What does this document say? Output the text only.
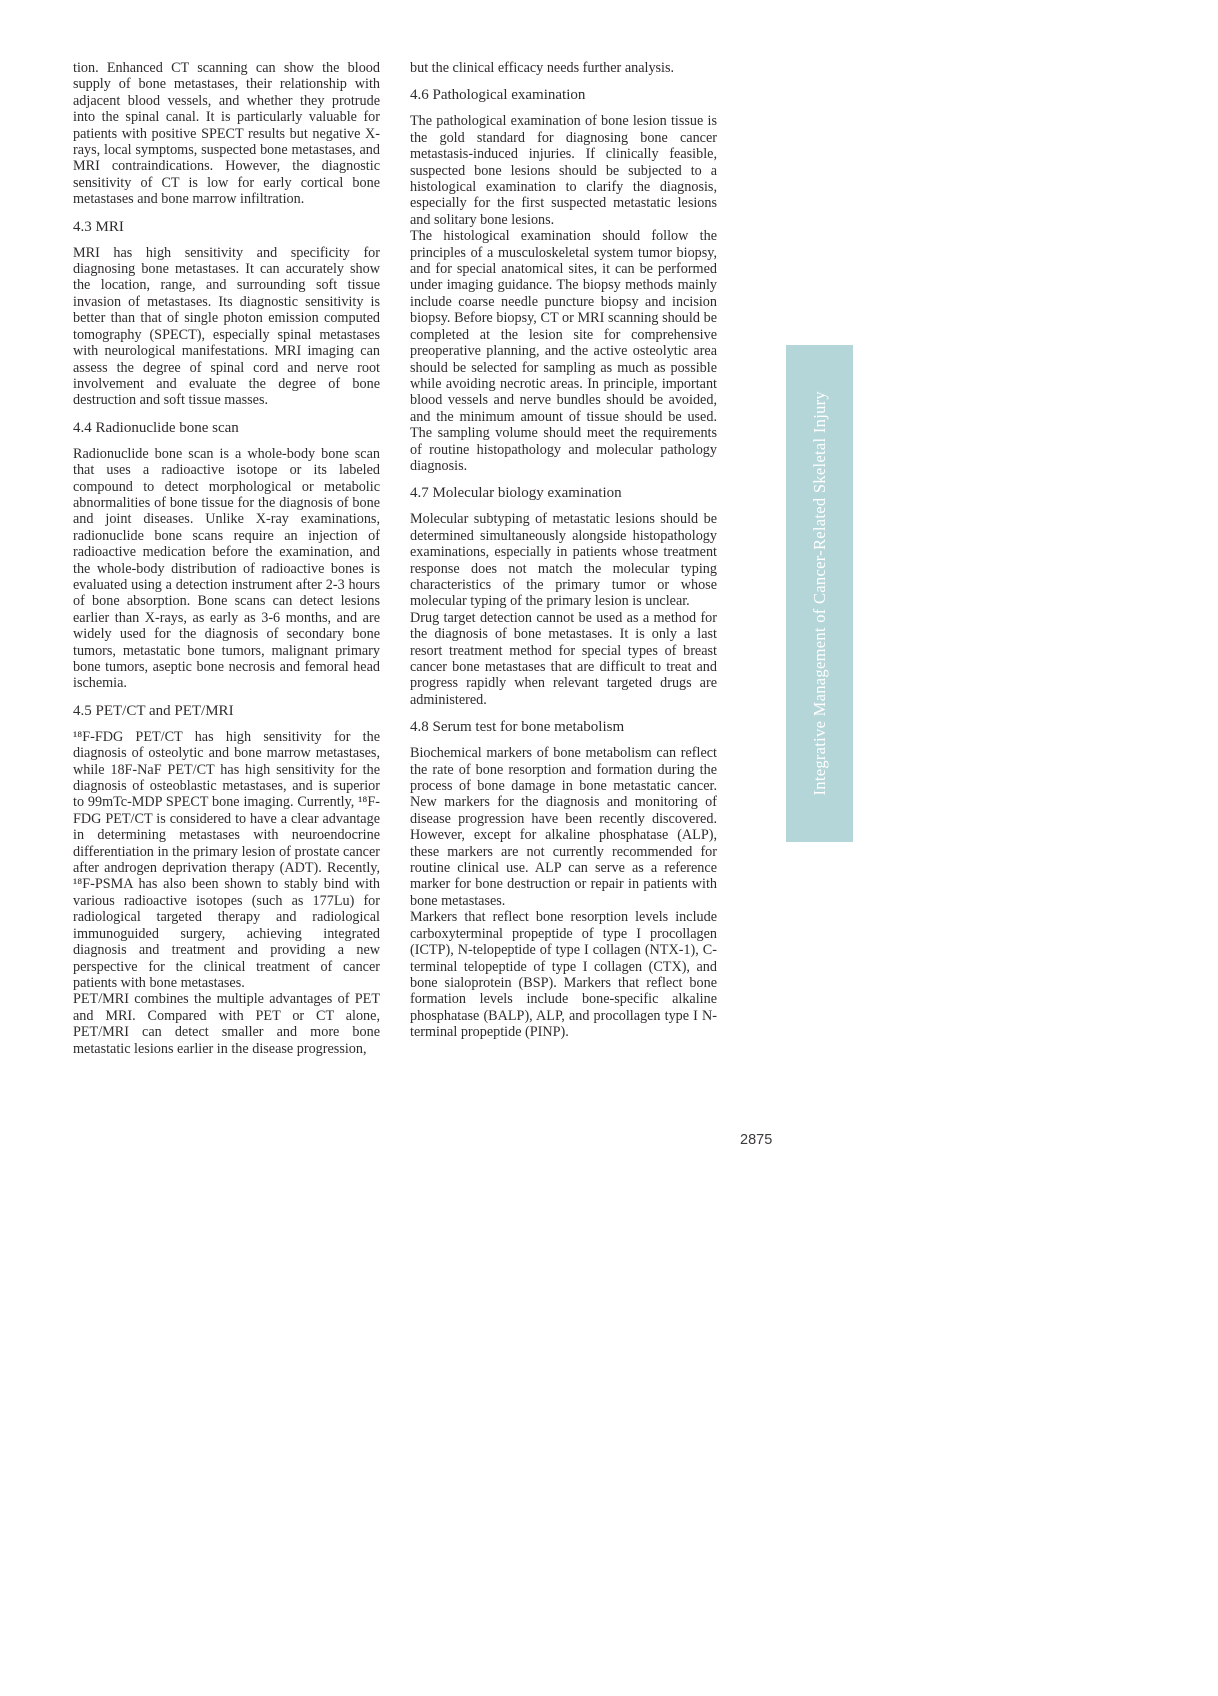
tion. Enhanced CT scanning can show the blood supply of bone metastases, their relationship with adjacent blood vessels, and whether they protrude into the spinal canal. It is particularly valuable for patients with positive SPECT results but negative X-rays, local symptoms, suspected bone metastases, and MRI contraindications. However, the diagnostic sensitivity of CT is low for early cortical bone metastases and bone marrow infiltration.

4.3 MRI

MRI has high sensitivity and specificity for diagnosing bone metastases. It can accurately show the location, range, and surrounding soft tissue invasion of metastases. Its diagnostic sensitivity is better than that of single photon emission computed tomography (SPECT), especially spinal metastases with neurological manifestations. MRI imaging can assess the degree of spinal cord and nerve root involvement and evaluate the degree of bone destruction and soft tissue masses.

4.4 Radionuclide bone scan

Radionuclide bone scan is a whole-body bone scan that uses a radioactive isotope or its labeled compound to detect morphological or metabolic abnormalities of bone tissue for the diagnosis of bone and joint diseases. Unlike X-ray examinations, radionuclide bone scans require an injection of radioactive medication before the examination, and the whole-body distribution of radioactive bones is evaluated using a detection instrument after 2-3 hours of bone absorption. Bone scans can detect lesions earlier than X-rays, as early as 3-6 months, and are widely used for the diagnosis of secondary bone tumors, metastatic bone tumors, malignant primary bone tumors, aseptic bone necrosis and femoral head ischemia.

4.5 PET/CT and PET/MRI

¹⁸F-FDG PET/CT has high sensitivity for the diagnosis of osteolytic and bone marrow metastases, while 18F-NaF PET/CT has high sensitivity for the diagnosis of osteoblastic metastases, and is superior to 99mTc-MDP SPECT bone imaging. Currently, ¹⁸F-FDG PET/CT is considered to have a clear advantage in determining metastases with neuroendocrine differentiation in the primary lesion of prostate cancer after androgen deprivation therapy (ADT). Recently, ¹⁸F-PSMA has also been shown to stably bind with various radioactive isotopes (such as 177Lu) for radiological targeted therapy and radiological immunoguided surgery, achieving integrated diagnosis and treatment and providing a new perspective for the clinical treatment of cancer patients with bone metastases.

PET/MRI combines the multiple advantages of PET and MRI. Compared with PET or CT alone, PET/MRI can detect smaller and more bone metastatic lesions earlier in the disease progression,

but the clinical efficacy needs further analysis.

4.6 Pathological examination

The pathological examination of bone lesion tissue is the gold standard for diagnosing bone cancer metastasis-induced injuries. If clinically feasible, suspected bone lesions should be subjected to a histological examination to clarify the diagnosis, especially for the first suspected metastatic lesions and solitary bone lesions.

The histological examination should follow the principles of a musculoskeletal system tumor biopsy, and for special anatomical sites, it can be performed under imaging guidance. The biopsy methods mainly include coarse needle puncture biopsy and incision biopsy. Before biopsy, CT or MRI scanning should be completed at the lesion site for comprehensive preoperative planning, and the active osteolytic area should be selected for sampling as much as possible while avoiding necrotic areas. In principle, important blood vessels and nerve bundles should be avoided, and the minimum amount of tissue should be used. The sampling volume should meet the requirements of routine histopathology and molecular pathology diagnosis.

4.7 Molecular biology examination

Molecular subtyping of metastatic lesions should be determined simultaneously alongside histopathology examinations, especially in patients whose treatment response does not match the molecular typing characteristics of the primary tumor or whose molecular typing of the primary lesion is unclear.

Drug target detection cannot be used as a method for the diagnosis of bone metastases. It is only a last resort treatment method for special types of breast cancer bone metastases that are difficult to treat and progress rapidly when relevant targeted drugs are administered.

4.8 Serum test for bone metabolism

Biochemical markers of bone metabolism can reflect the rate of bone resorption and formation during the process of bone damage in bone metastatic cancer. New markers for the diagnosis and monitoring of disease progression have been recently discovered. However, except for alkaline phosphatase (ALP), these markers are not currently recommended for routine clinical use. ALP can serve as a reference marker for bone destruction or repair in patients with bone metastases.

Markers that reflect bone resorption levels include carboxyterminal propeptide of type I procollagen (ICTP), N-telopeptide of type I collagen (NTX-1), C-terminal telopeptide of type I collagen (CTX), and bone sialoprotein (BSP). Markers that reflect bone formation levels include bone-specific alkaline phosphatase (BALP), ALP, and procollagen type I N-terminal propeptide (PINP).

Integrative Management of Cancer-Related Skeletal Injury
2875
